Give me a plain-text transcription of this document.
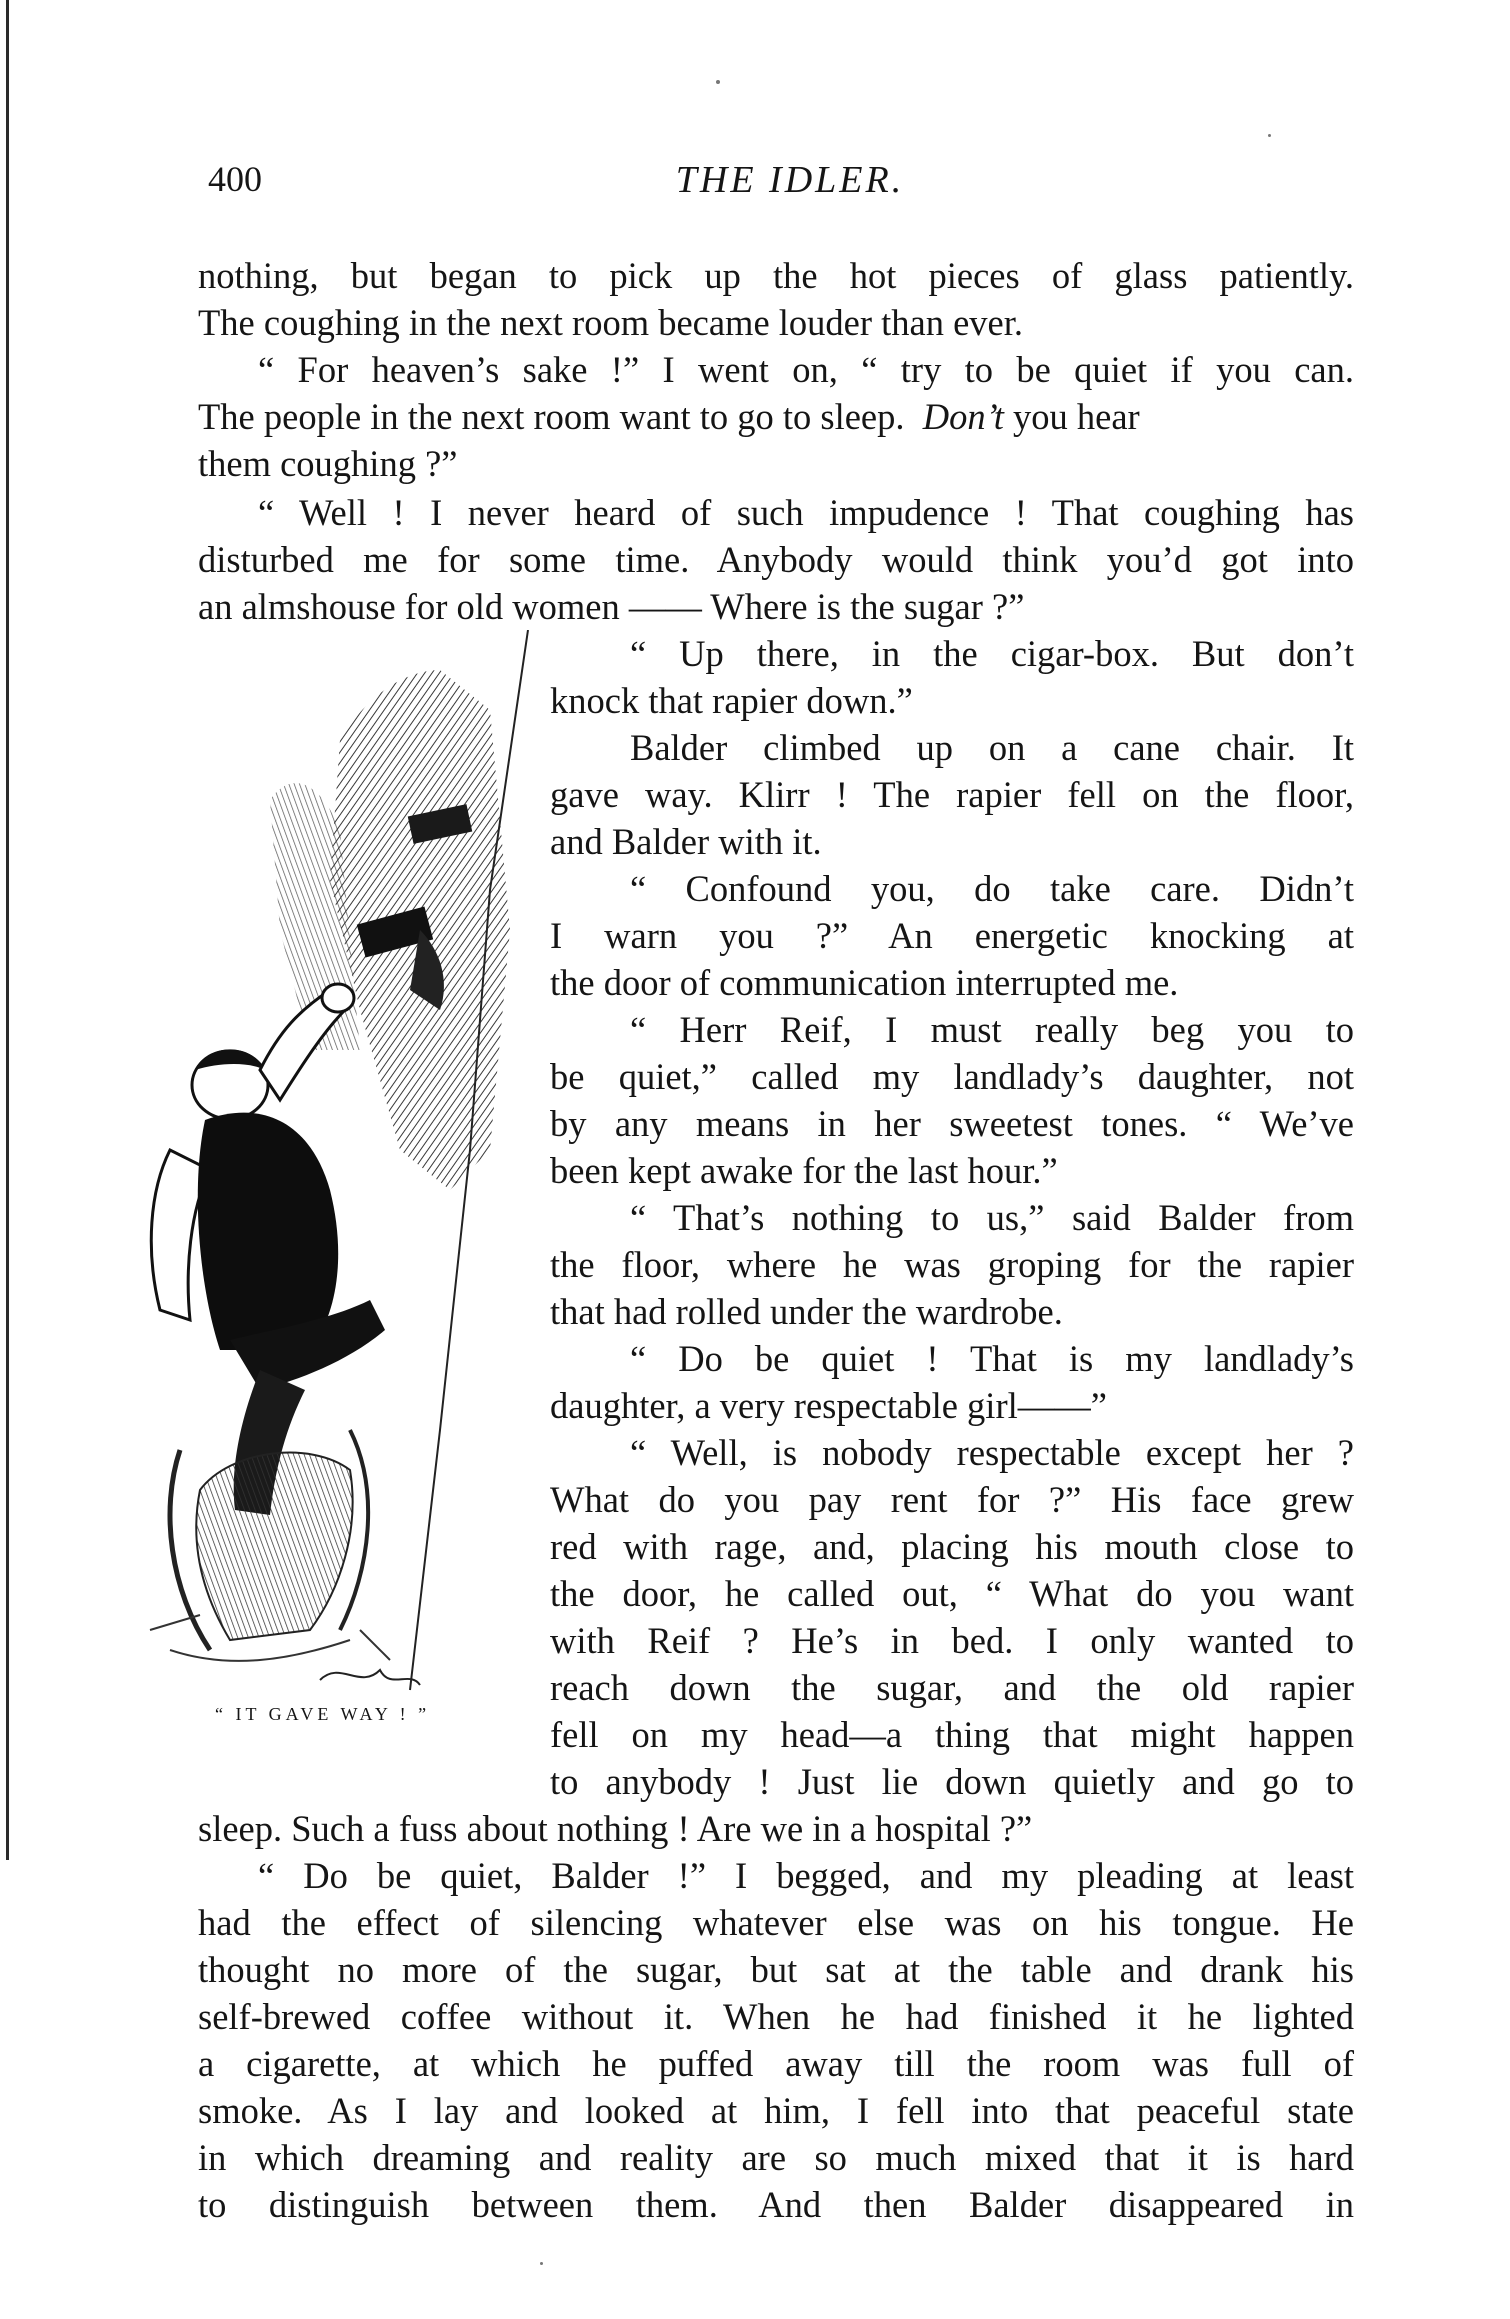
400	THE IDLER.
nothing, but began to pick up the hot pieces of glass patiently.
The coughing in the next room became louder than ever.
“ For heaven’s sake !” I went on, “ try to be quiet if you can.
The people in the next room want to go to sleep. Don’t you hear
them coughing ?”
“ Well ! I never heard of such impudence ! That coughing has
disturbed me for some time. Anybody would think you’d got into
an almshouse for old women —— Where is the sugar ?”
“ Up there, in the cigar-box. But don’t
knock that rapier down.”
Balder climbed up on a cane chair. It
gave way. Klirr ! The rapier fell on the floor,
and Balder with it.
“ Confound you, do take care. Didn’t
I warn you ?” An energetic knocking at
the door of communication interrupted me.
“ Herr Reif, I must really beg you to
be quiet,” called my landlady’s daughter, not
by any means in her sweetest tones. “ We’ve
been kept awake for the last hour.”
“ That’s nothing to us,” said Balder from
the floor, where he was groping for the rapier
that had rolled under the wardrobe.
“ Do be quiet ! That is my landlady’s
daughter, a very respectable girl——”
“ Well, is nobody respectable except her ?
What do you pay rent for ?” His face grew
red with rage, and, placing his mouth close to
the door, he called out, “ What do you want
with Reif ? He’s in bed. I only wanted to
reach down the sugar, and the old rapier
fell on my head—a thing that might happen
to anybody ! Just lie down quietly and go to
sleep. Such a fuss about nothing ! Are we in a hospital ?”
“ Do be quiet, Balder !” I begged, and my pleading at least
had the effect of silencing whatever else was on his tongue. He
thought no more of the sugar, but sat at the table and drank his
self-brewed coffee without it. When he had finished it he lighted
a cigarette, at which he puffed away till the room was full of
smoke. As I lay and looked at him, I fell into that peaceful state
in which dreaming and reality are so much mixed that it is hard
to distinguish between them. And then Balder disappeared in
“ IT GAVE WAY ! ”
